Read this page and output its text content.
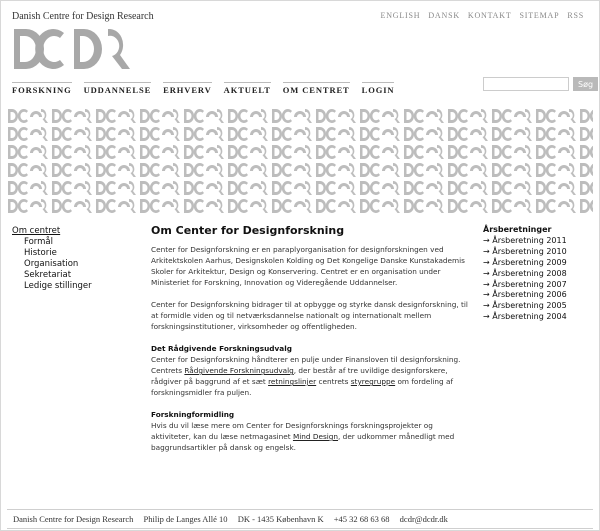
Danish Centre for Design Research	ENGLISH DANSK KONTAKT SITEMAP RSS
FORSKNING UDDANNELSE ERHVERV AKTUELT OM CENTRET LOGIN
Søg
Om centret
Formål
Historie
Organisation
Sekretariat
Ledige stillinger
Om Center for Designforskning

Center for Designforskning er en paraplyorganisation for designforskningen ved Arkitektskolen Aarhus, Designskolen Kolding og Det Kongelige Danske Kunstakademis Skoler for Arkitektur, Design og Konservering. Centret er en organisation under Ministeriet for Forskning, Innovation og Videregående Uddannelser.

Center for Designforskning bidrager til at opbygge og styrke dansk designforskning, til at formidle viden og til netværksdannelse nationalt og internationalt mellem forskningsinstitutioner, virksomheder og offentligheden.

Det Rådgivende Forskningsudvalg

Center for Designforskning håndterer en pulje under Finansloven til designforskning. Centrets Rådgivende Forskningsudvalg, der består af tre uvildige designforskere, rådgiver på baggrund af et sæt retningslinjer centrets styregruppe om fordeling af forskningsmidler fra puljen.

Forskningformidling

Hvis du vil læse mere om Center for Designforsknings forskningsprojekter og aktiviteter, kan du læse netmagasinet Mind Design, der udkommer månedligt med baggrundsartikler på dansk og engelsk.

Årsberetninger
→ Årsberetning 2011
→ Årsberetning 2010
→ Årsberetning 2009
→ Årsberetning 2008
→ Årsberetning 2007
→ Årsberetning 2006
→ Årsberetning 2005
→ Årsberetning 2004
Danish Centre for Design Research Philip de Langes Allé 10 DK - 1435 København K +45 32 68 63 68 dcdr@dcdr.dk
